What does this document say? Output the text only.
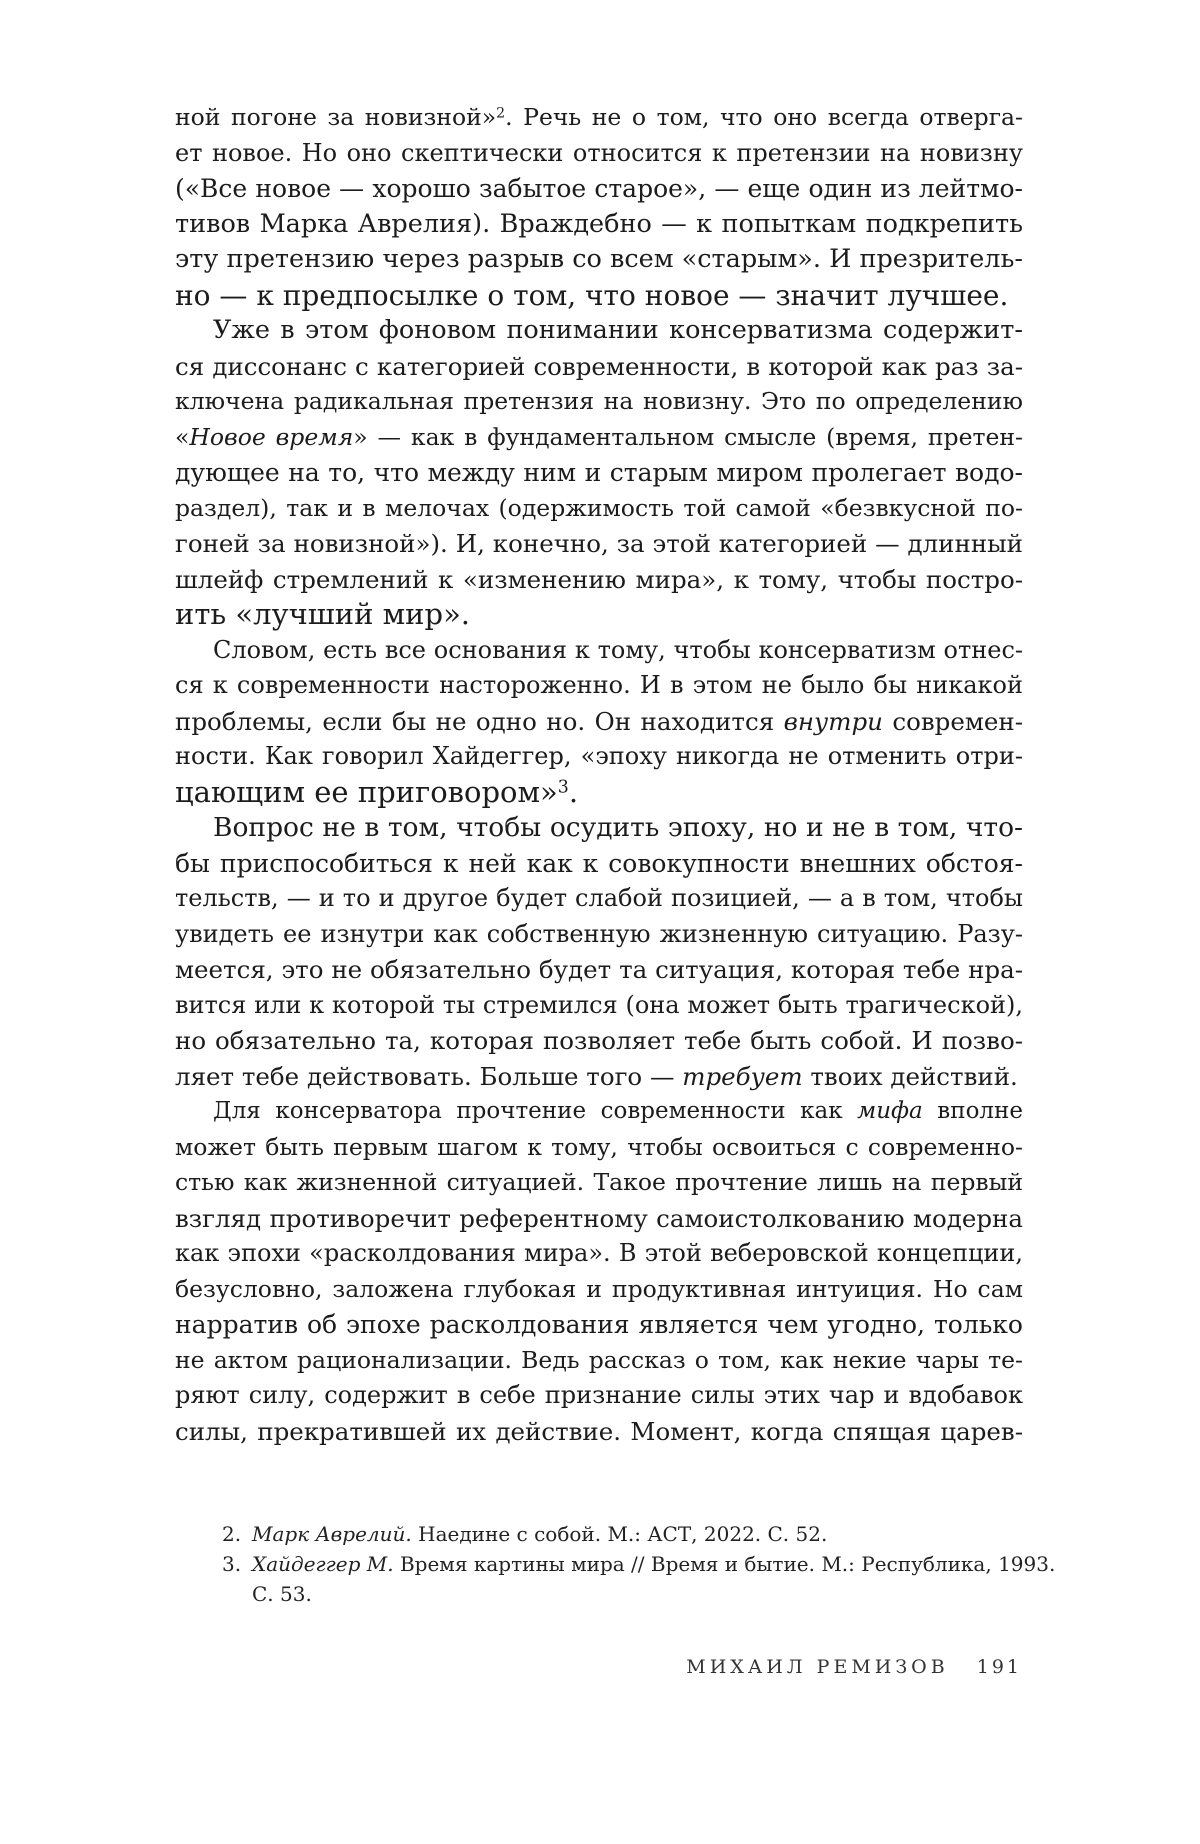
ной погоне за новизной»$^2$. Речь не о том, что оно всегда отверга-
ет новое. Но оно скептически относится к претензии на новизну
(«Все новое — хорошо забытое старое», — еще один из лейтмо-
тивов Марка Аврелия). Враждебно — к попыткам подкрепить
эту претензию через разрыв со всем «старым». И презритель-
но — к предпосылке о том, что новое — значит лучшее.
Уже в этом фоновом понимании консерватизма содержит-
ся диссонанс с категорией современности, в которой как раз за-
ключена радикальная претензия на новизну. Это по определению
«Новое время» — как в фундаментальном смысле (время, претен-
дующее на то, что между ним и старым миром пролегает водо-
раздел), так и в мелочах (одержимость той самой «безвкусной по-
гоней за новизной»). И, конечно, за этой категорией — длинный
шлейф стремлений к «изменению мира», к тому, чтобы постро-
ить «лучший мир».
Словом, есть все основания к тому, чтобы консерватизм отнес-
ся к современности настороженно. И в этом не было бы никакой
проблемы, если бы не одно но. Он находится внутри современ-
ности. Как говорил Хайдеггер, «эпоху никогда не отменить отри-
цающим ее приговором»$^3$.
Вопрос не в том, чтобы осудить эпоху, но и не в том, что-
бы приспособиться к ней как к совокупности внешних обстоя-
тельств, — и то и другое будет слабой позицией, — а в том, чтобы
увидеть ее изнутри как собственную жизненную ситуацию. Разу-
меется, это не обязательно будет та ситуация, которая тебе нра-
вится или к которой ты стремился (она может быть трагической),
но обязательно та, которая позволяет тебе быть собой. И позво-
ляет тебе действовать. Больше того — требует твоих действий.
Для консерватора прочтение современности как мифа вполне
может быть первым шагом к тому, чтобы освоиться с современно-
стью как жизненной ситуацией. Такое прочтение лишь на первый
взгляд противоречит референтному самоистолкованию модерна
как эпохи «расколдования мира». В этой веберовской концепции,
безусловно, заложена глубокая и продуктивная интуиция. Но сам
нарратив об эпохе расколдования является чем угодно, только
не актом рационализации. Ведь рассказ о том, как некие чары те-
ряют силу, содержит в себе признание силы этих чар и вдобавок
силы, прекратившей их действие. Момент, когда спящая царев-
2. Марк Аврелий. Наедине с собой. М.: АСТ, 2022. С. 52.
3. Хайдеггер М. Время картины мира // Время и бытие. М.: Республика, 1993.
С. 53.
МИХАИЛ РЕМИЗОВ 191
